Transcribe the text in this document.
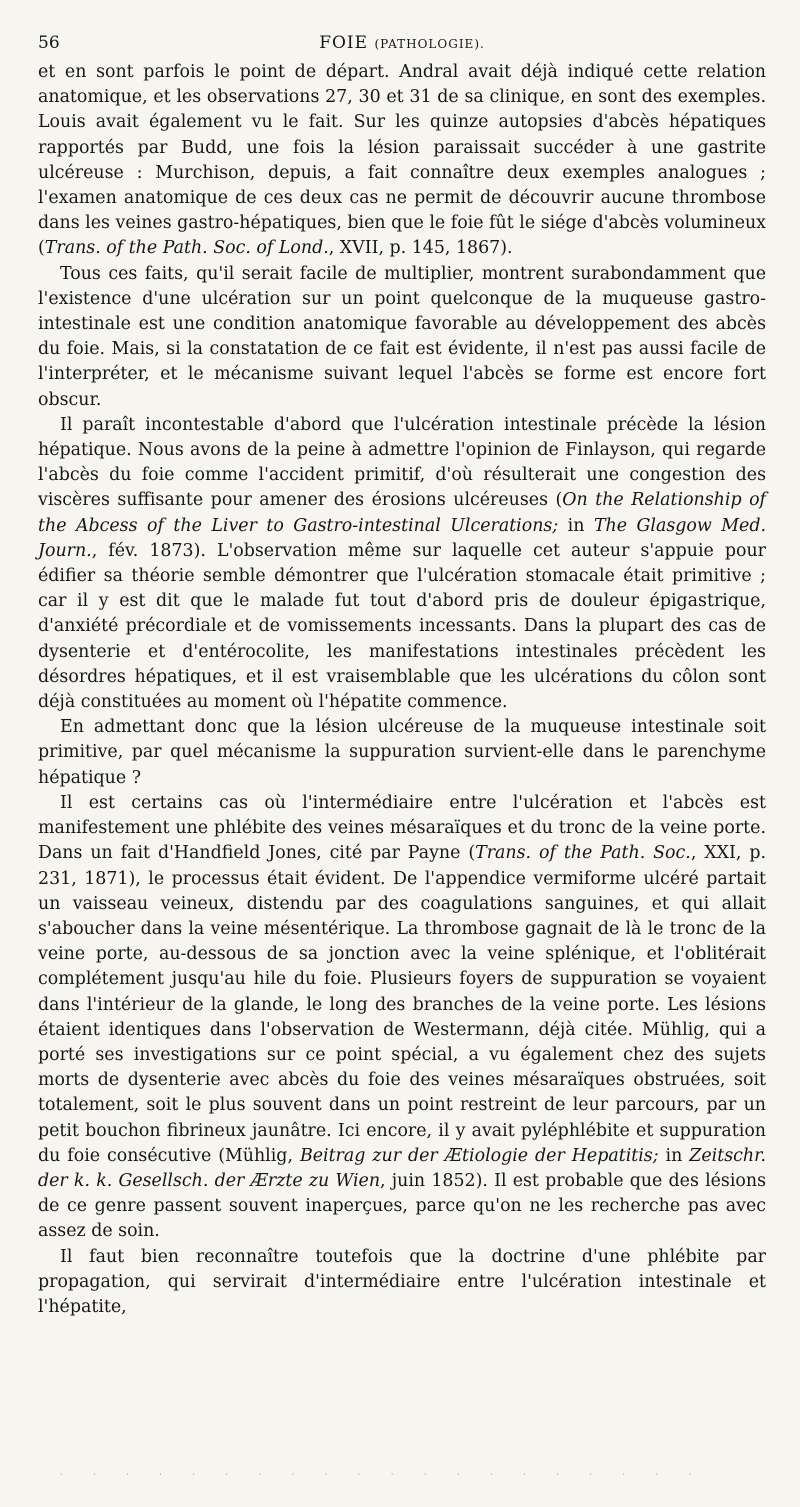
56	FOIE (PATHOLOGIE).

et en sont parfois le point de départ. Andral avait déjà indiqué cette relation anatomique, et les observations 27, 30 et 31 de sa clinique, en sont des exemples. Louis avait également vu le fait. Sur les quinze autopsies d'abcès hépatiques rapportés par Budd, une fois la lésion paraissait succéder à une gastrite ulcéreuse : Murchison, depuis, a fait connaître deux exemples analogues ; l'examen anatomique de ces deux cas ne permit de découvrir aucune thrombose dans les veines gastro-hépatiques, bien que le foie fût le siége d'abcès volumineux (Trans. of the Path. Soc. of Lond., XVII, p. 145, 1867).

Tous ces faits, qu'il serait facile de multiplier, montrent surabondamment que l'existence d'une ulcération sur un point quelconque de la muqueuse gastro-intestinale est une condition anatomique favorable au développement des abcès du foie. Mais, si la constatation de ce fait est évidente, il n'est pas aussi facile de l'interpréter, et le mécanisme suivant lequel l'abcès se forme est encore fort obscur.

Il paraît incontestable d'abord que l'ulcération intestinale précède la lésion hépatique. Nous avons de la peine à admettre l'opinion de Finlayson, qui regarde l'abcès du foie comme l'accident primitif, d'où résulterait une congestion des viscères suffisante pour amener des érosions ulcéreuses (On the Relationship of the Abcess of the Liver to Gastro-intestinal Ulcerations; in The Glasgow Med. Journ., fév. 1873). L'observation même sur laquelle cet auteur s'appuie pour édifier sa théorie semble démontrer que l'ulcération stomacale était primitive ; car il y est dit que le malade fut tout d'abord pris de douleur épigastrique, d'anxiété précordiale et de vomissements incessants. Dans la plupart des cas de dysenterie et d'entérocolite, les manifestations intestinales précèdent les désordres hépatiques, et il est vraisemblable que les ulcérations du côlon sont déjà constituées au moment où l'hépatite commence.

En admettant donc que la lésion ulcéreuse de la muqueuse intestinale soit primitive, par quel mécanisme la suppuration survient-elle dans le parenchyme hépatique ?

Il est certains cas où l'intermédiaire entre l'ulcération et l'abcès est manifestement une phlébite des veines mésaraïques et du tronc de la veine porte. Dans un fait d'Handfield Jones, cité par Payne (Trans. of the Path. Soc., XXI, p. 231, 1871), le processus était évident. De l'appendice vermiforme ulcéré partait un vaisseau veineux, distendu par des coagulations sanguines, et qui allait s'aboucher dans la veine mésentérique. La thrombose gagnait de là le tronc de la veine porte, au-dessous de sa jonction avec la veine splénique, et l'oblitérait complétement jusqu'au hile du foie. Plusieurs foyers de suppuration se voyaient dans l'intérieur de la glande, le long des branches de la veine porte. Les lésions étaient identiques dans l'observation de Westermann, déjà citée. Mühlig, qui a porté ses investigations sur ce point spécial, a vu également chez des sujets morts de dysenterie avec abcès du foie des veines mésaraïques obstruées, soit totalement, soit le plus souvent dans un point restreint de leur parcours, par un petit bouchon fibrineux jaunâtre. Ici encore, il y avait pyléphlébite et suppuration du foie consécutive (Mühlig, Beitrag zur der Ætiologie der Hepatitis; in Zeitschr. der k. k. Gesellsch. der Ærzte zu Wien, juin 1852). Il est probable que des lésions de ce genre passent souvent inaperçues, parce qu'on ne les recherche pas avec assez de soin.

Il faut bien reconnaître toutefois que la doctrine d'une phlébite par propagation, qui servirait d'intermédiaire entre l'ulcération intestinale et l'hépatite,

· · · · · · · · · · · · · · · · · · · ·
